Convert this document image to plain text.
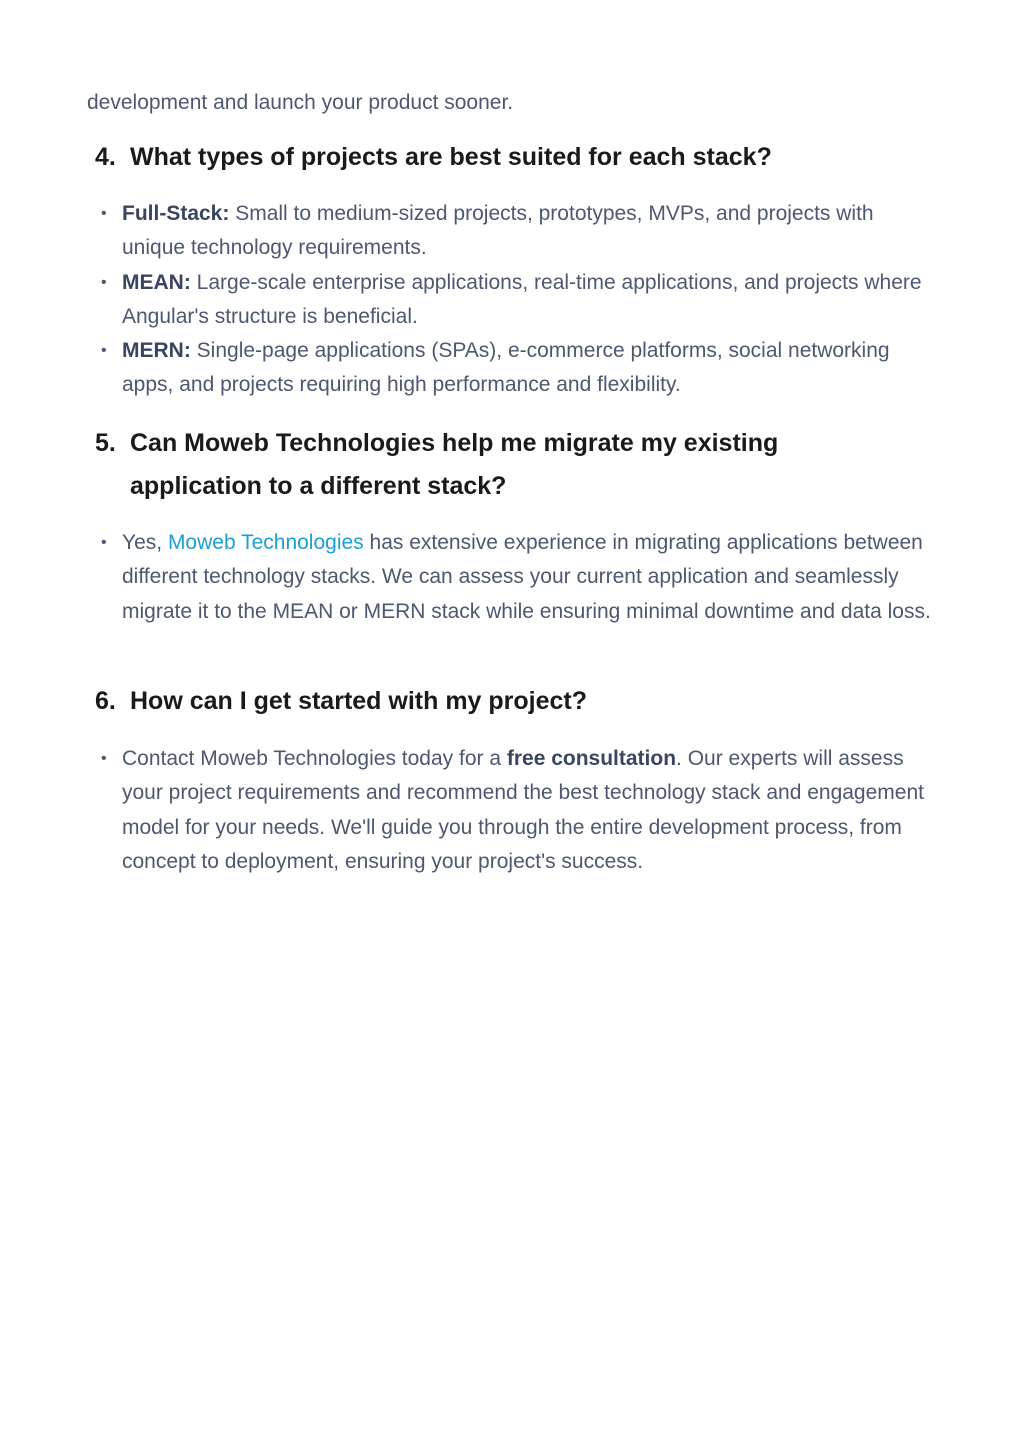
development and launch your product sooner.
4. What types of projects are best suited for each stack?
• Full-Stack: Small to medium-sized projects, prototypes, MVPs, and projects with unique technology requirements.
• MEAN: Large-scale enterprise applications, real-time applications, and projects where Angular's structure is beneficial.
• MERN: Single-page applications (SPAs), e-commerce platforms, social networking apps, and projects requiring high performance and flexibility.
5. Can Moweb Technologies help me migrate my existing
application to a different stack?
• Yes, Moweb Technologies has extensive experience in migrating applications between different technology stacks. We can assess your current application and seamlessly migrate it to the MEAN or MERN stack while ensuring minimal downtime and data loss.
6. How can I get started with my project?
• Contact Moweb Technologies today for a free consultation. Our experts will assess your project requirements and recommend the best technology stack and engagement model for your needs. We'll guide you through the entire development process, from concept to deployment, ensuring your project's success.
